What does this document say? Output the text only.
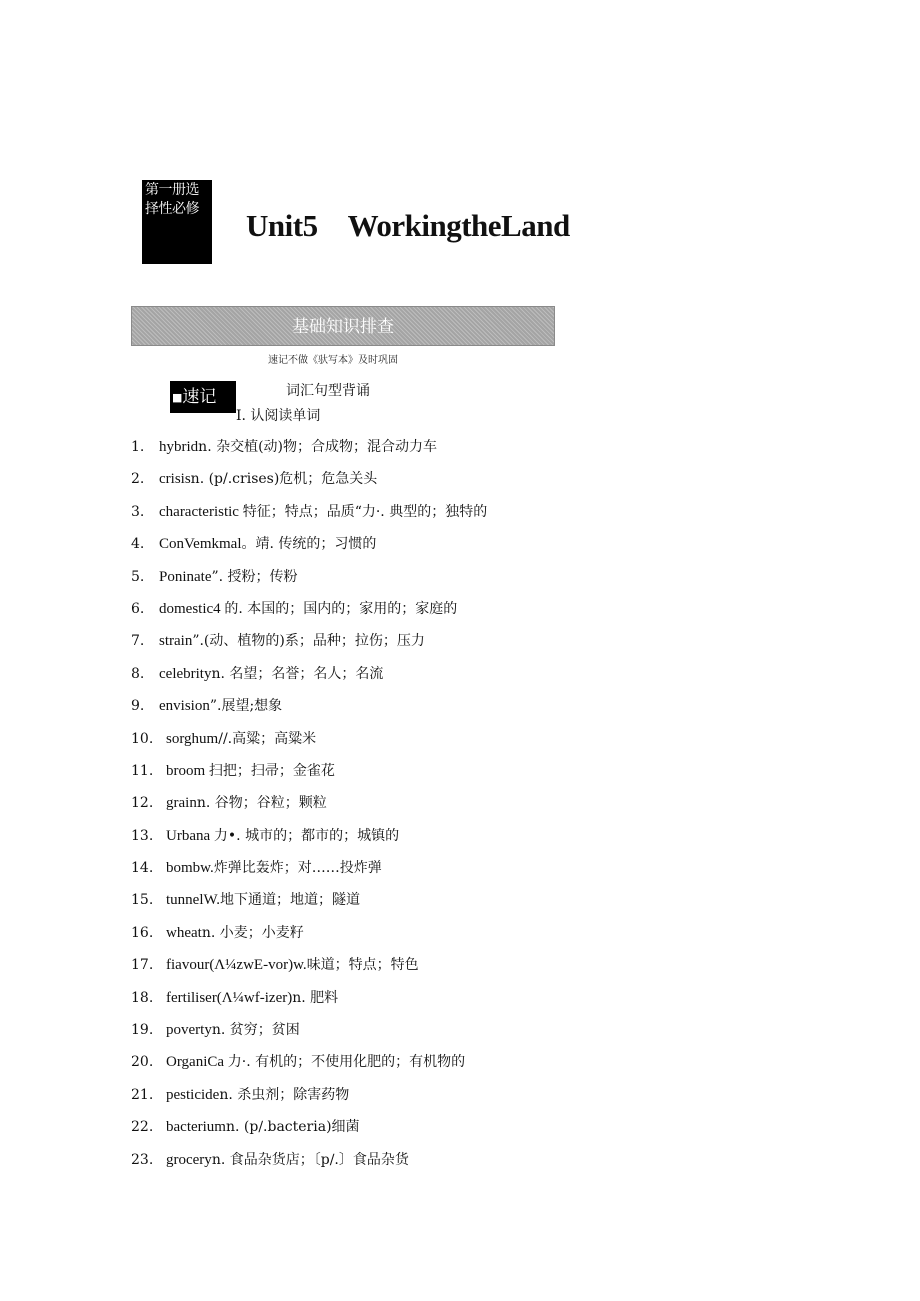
第一册选
择性必修	Unit5 WorkingtheLand
基础知识排查
速记不做《驮写本》及时巩固
■速记	词汇句型背诵
I. 认阅读单词
1. hybridn. 杂交植(动)物；合成物；混合动力车
2. crisisn. (p/.crises)危机；危急关头
3. characteristic 特征；特点；品质“力·. 典型的；独特的
4. ConVemkmal。靖. 传统的；习惯的
5. Poninate”. 授粉；传粉
6. domestic4 的. 本国的；国内的；家用的；家庭的
7. strain”.(动、植物的)系；品种；拉伤；压力
8. celebrityn. 名望；名誉；名人；名流
9. envision”.展望;想象
10. sorghum//.高粱；高粱米
11. broom 扫把；扫帚；金雀花
12. grainn. 谷物；谷粒；颗粒
13. Urbana 力•. 城市的；都市的；城镇的
14. bombw.炸弹比轰炸；对……投炸弹
15. tunnelW.地下通道；地道；隧道
16. wheatn. 小麦；小麦籽
17. fiavour(Λ¼zwE-vor)w.味道；特点；特色
18. fertiliser(Λ¼wf-izer)n. 肥料
19. povertyn. 贫穷；贫困
20. OrganiCa 力·. 有机的；不使用化肥的；有机物的
21. pesticiden. 杀虫剂；除害药物
22. bacteriumn. (p∕.bacteria)细菌
23. groceryn. 食品杂货店；〔p∕.〕食品杂货
